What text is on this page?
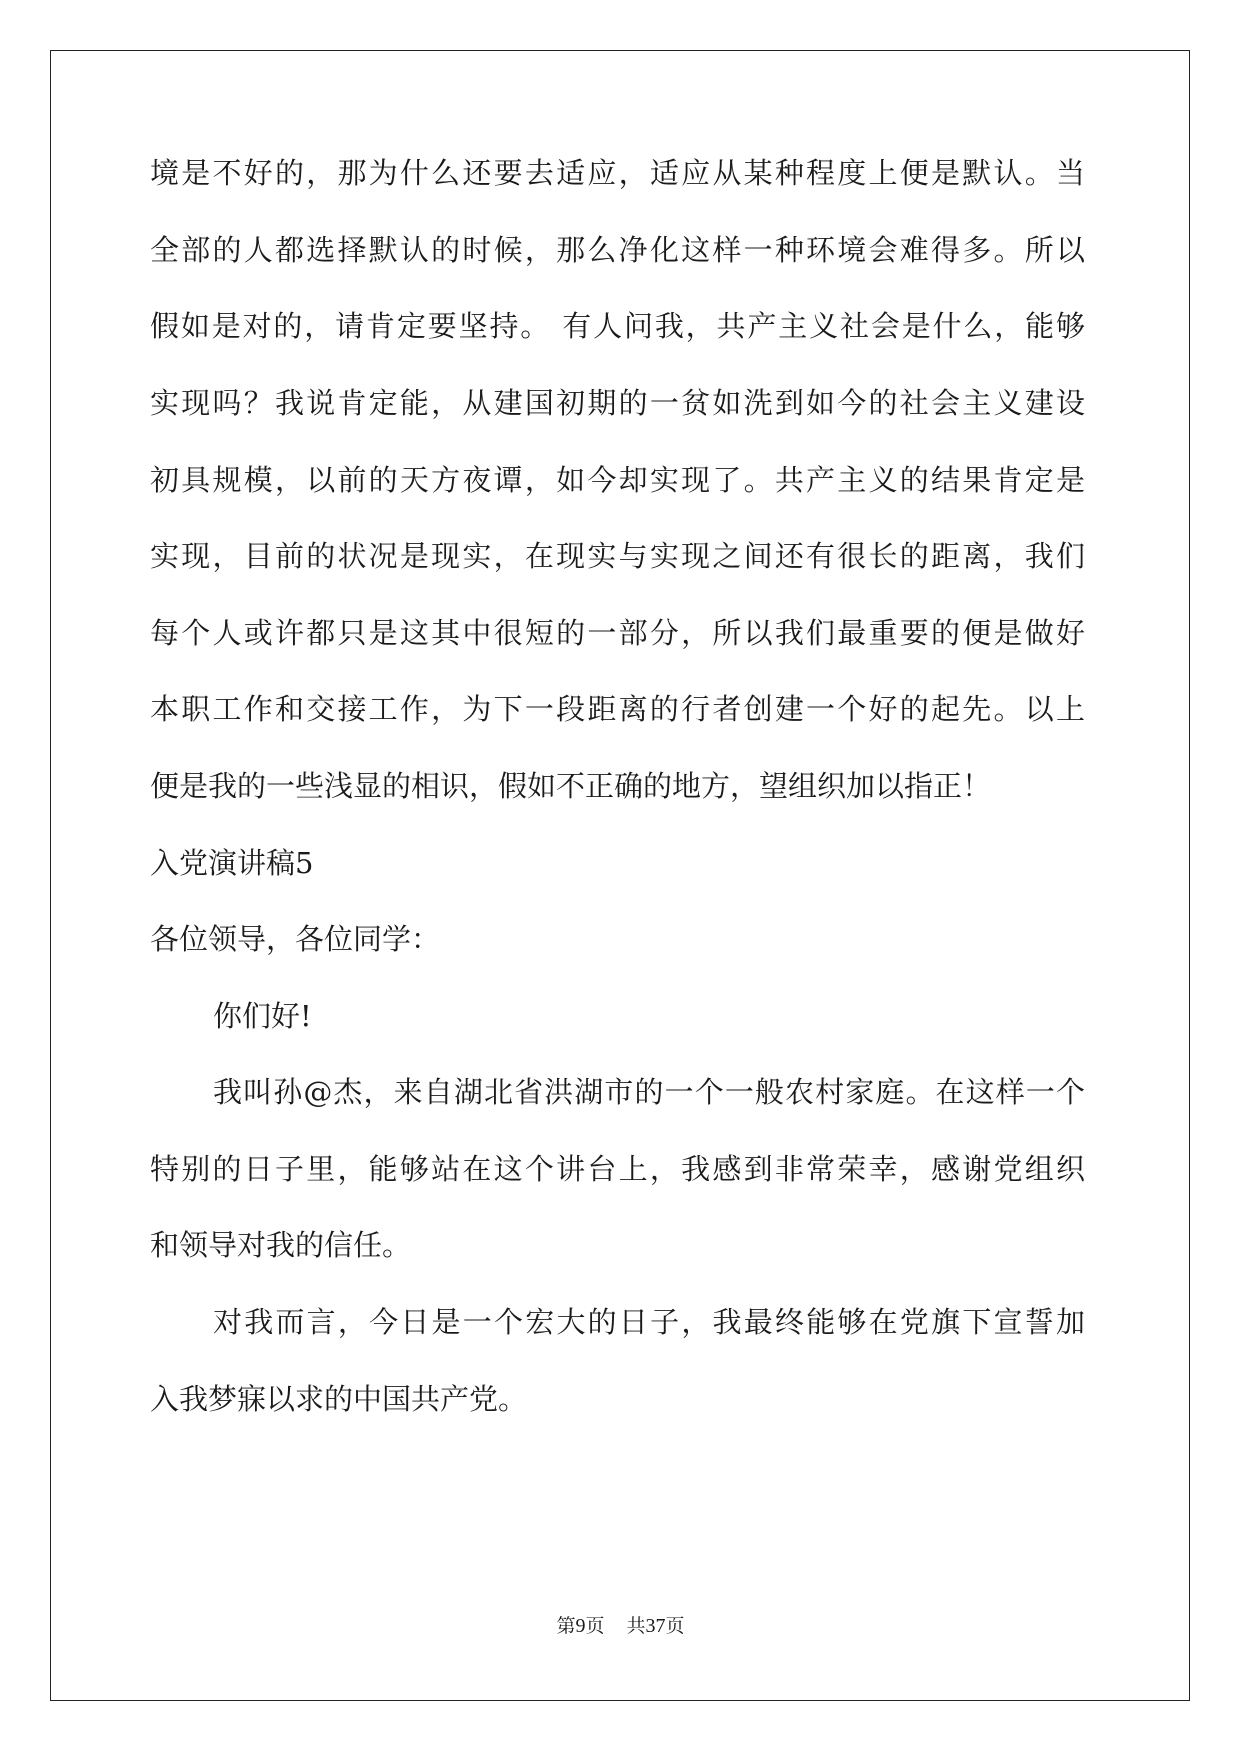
境是不好的，那为什么还要去适应，适应从某种程度上便是默认。当
全部的人都选择默认的时候，那么净化这样一种环境会难得多。所以
假如是对的，请肯定要坚持。 有人问我，共产主义社会是什么，能够
实现吗？我说肯定能，从建国初期的一贫如洗到如今的社会主义建设
初具规模，以前的天方夜谭，如今却实现了。共产主义的结果肯定是
实现，目前的状况是现实，在现实与实现之间还有很长的距离，我们
每个人或许都只是这其中很短的一部分，所以我们最重要的便是做好
本职工作和交接工作，为下一段距离的行者创建一个好的起先。以上
便是我的一些浅显的相识，假如不正确的地方，望组织加以指正！
入党演讲稿5
各位领导，各位同学：
你们好!
我叫孙@杰，来自湖北省洪湖市的一个一般农村家庭。在这样一个
特别的日子里，能够站在这个讲台上，我感到非常荣幸，感谢党组织
和领导对我的信任。
对我而言，今日是一个宏大的日子，我最终能够在党旗下宣誓加
入我梦寐以求的中国共产党。
第9页 共37页
